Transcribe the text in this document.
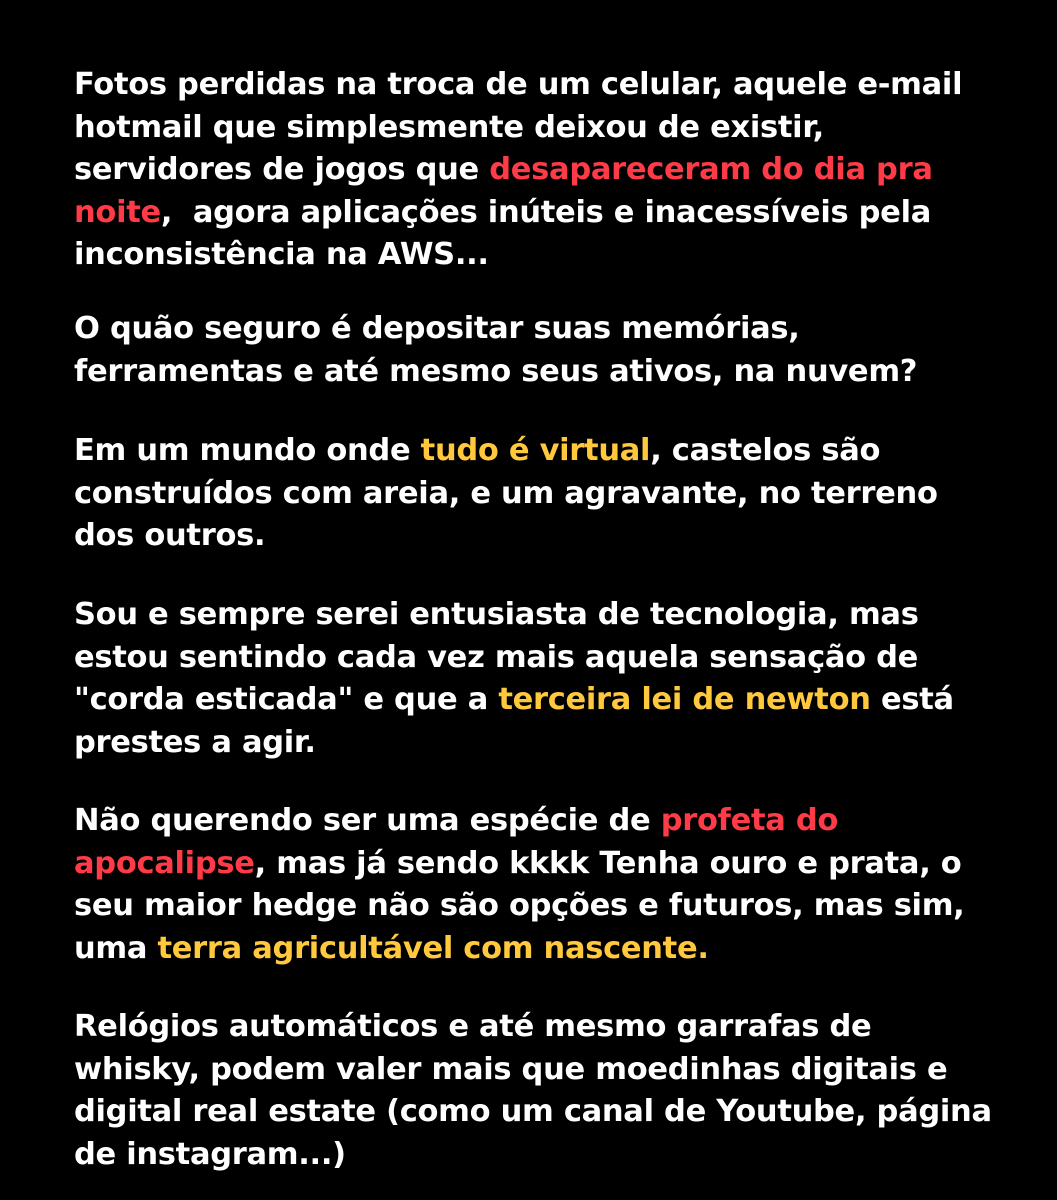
Fotos perdidas na troca de um celular, aquele e-mail
hotmail que simplesmente deixou de existir,
servidores de jogos que desapareceram do dia pra
noite,  agora aplicações inúteis e inacessíveis pela
inconsistência na AWS...

O quão seguro é depositar suas memórias,
ferramentas e até mesmo seus ativos, na nuvem?

Em um mundo onde tudo é virtual, castelos são
construídos com areia, e um agravante, no terreno
dos outros.

Sou e sempre serei entusiasta de tecnologia, mas
estou sentindo cada vez mais aquela sensação de
"corda esticada" e que a terceira lei de newton está
prestes a agir.

Não querendo ser uma espécie de profeta do
apocalipse, mas já sendo kkkk Tenha ouro e prata, o
seu maior hedge não são opções e futuros, mas sim,
uma terra agricultável com nascente.

Relógios automáticos e até mesmo garrafas de
whisky, podem valer mais que moedinhas digitais e
digital real estate (como um canal de Youtube, página
de instagram...)
